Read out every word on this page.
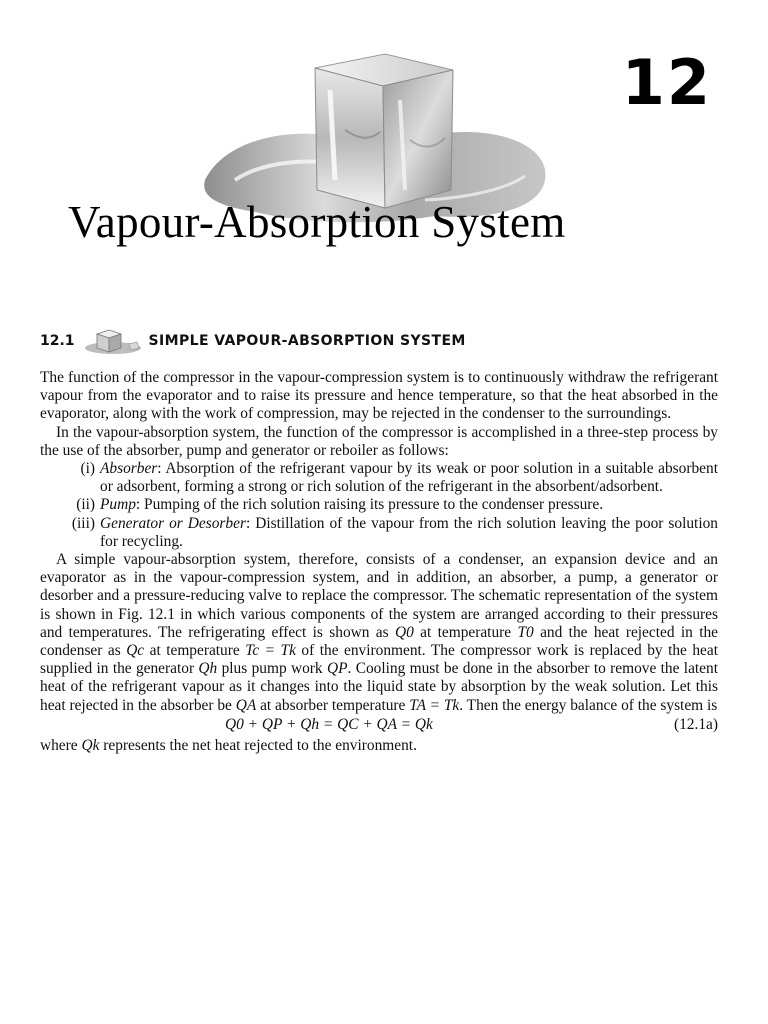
12
Vapour-Absorption System
12.1	SIMPLE VAPOUR-ABSORPTION SYSTEM

The function of the compressor in the vapour-compression system is to continuously withdraw the refrigerant vapour from the evaporator and to raise its pressure and hence temperature, so that the heat absorbed in the evaporator, along with the work of compression, may be rejected in the condenser to the surroundings.

In the vapour-absorption system, the function of the compressor is accomplished in a three-step process by the use of the absorber, pump and generator or reboiler as follows:

(i) Absorber: Absorption of the refrigerant vapour by its weak or poor solution in a suitable absorbent or adsorbent, forming a strong or rich solution of the refrigerant in the absorbent/adsorbent.
(ii) Pump: Pumping of the rich solution raising its pressure to the condenser pressure.
(iii) Generator or Desorber: Distillation of the vapour from the rich solution leaving the poor solution for recycling.

A simple vapour-absorption system, therefore, consists of a condenser, an expansion device and an evaporator as in the vapour-compression system, and in addition, an absorber, a pump, a generator or desorber and a pressure-reducing valve to replace the compressor. The schematic representation of the system is shown in Fig. 12.1 in which various components of the system are arranged according to their pressures and temperatures. The refrigerating effect is shown as Q0 at temperature T0 and the heat rejected in the condenser as Qc at temperature Tc = Tk of the environment. The compressor work is replaced by the heat supplied in the generator Qh plus pump work QP. Cooling must be done in the absorber to remove the latent heat of the refrigerant vapour as it changes into the liquid state by absorption by the weak solution. Let this heat rejected in the absorber be QA at absorber temperature TA = Tk. Then the energy balance of the system is

Q0 + QP + Qh = QC + QA = Qk	(12.1a)

where Qk represents the net heat rejected to the environment.
